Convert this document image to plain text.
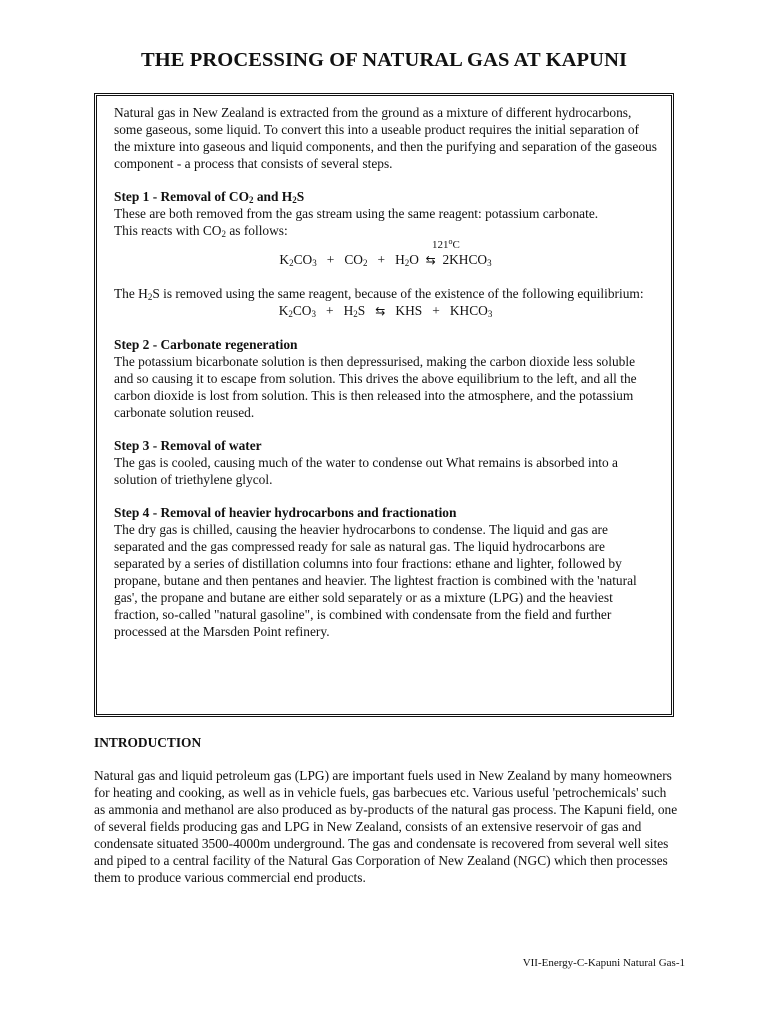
THE PROCESSING OF NATURAL GAS AT KAPUNI

Natural gas in New Zealand is extracted from the ground as a mixture of different hydrocarbons, some gaseous, some liquid. To convert this into a useable product requires the initial separation of the mixture into gaseous and liquid components, and then the purifying and separation of the gaseous component - a process that consists of several steps.

Step 1 - Removal of $CO_2$ and $H_2S$

These are both removed from the gas stream using the same reagent: potassium carbonate.

This reacts with $CO_2$ as follows:

121$^o$C

$K_2CO_3 + CO_2 + H_2O$ ⇆ $2KHCO_3$

The $H_2S$ is removed using the same reagent, because of the existence of the following equilibrium:

$K_2CO_3 + H_2S$ ⇆ KHS + $KHCO_3$

Step 2 - Carbonate regeneration

The potassium bicarbonate solution is then depressurised, making the carbon dioxide less soluble and so causing it to escape from solution. This drives the above equilibrium to the left, and all the carbon dioxide is lost from solution. This is then released into the atmosphere, and the potassium carbonate solution reused.

Step 3 - Removal of water

The gas is cooled, causing much of the water to condense out What remains is absorbed into a solution of triethylene glycol.

Step 4 - Removal of heavier hydrocarbons and fractionation

The dry gas is chilled, causing the heavier hydrocarbons to condense. The liquid and gas are separated and the gas compressed ready for sale as natural gas. The liquid hydrocarbons are separated by a series of distillation columns into four fractions: ethane and lighter, followed by propane, butane and then pentanes and heavier. The lightest fraction is combined with the 'natural gas', the propane and butane are either sold separately or as a mixture (LPG) and the heaviest fraction, so-called "natural gasoline", is combined with condensate from the field and further processed at the Marsden Point refinery.

INTRODUCTION

Natural gas and liquid petroleum gas (LPG) are important fuels used in New Zealand by many homeowners for heating and cooking, as well as in vehicle fuels, gas barbecues etc. Various useful 'petrochemicals' such as ammonia and methanol are also produced as by-products of the natural gas process. The Kapuni field, one of several fields producing gas and LPG in New Zealand, consists of an extensive reservoir of gas and condensate situated 3500-4000m underground. The gas and condensate is recovered from several well sites and piped to a central facility of the Natural Gas Corporation of New Zealand (NGC) which then processes them to produce various commercial end products.

VII-Energy-C-Kapuni Natural Gas-1
